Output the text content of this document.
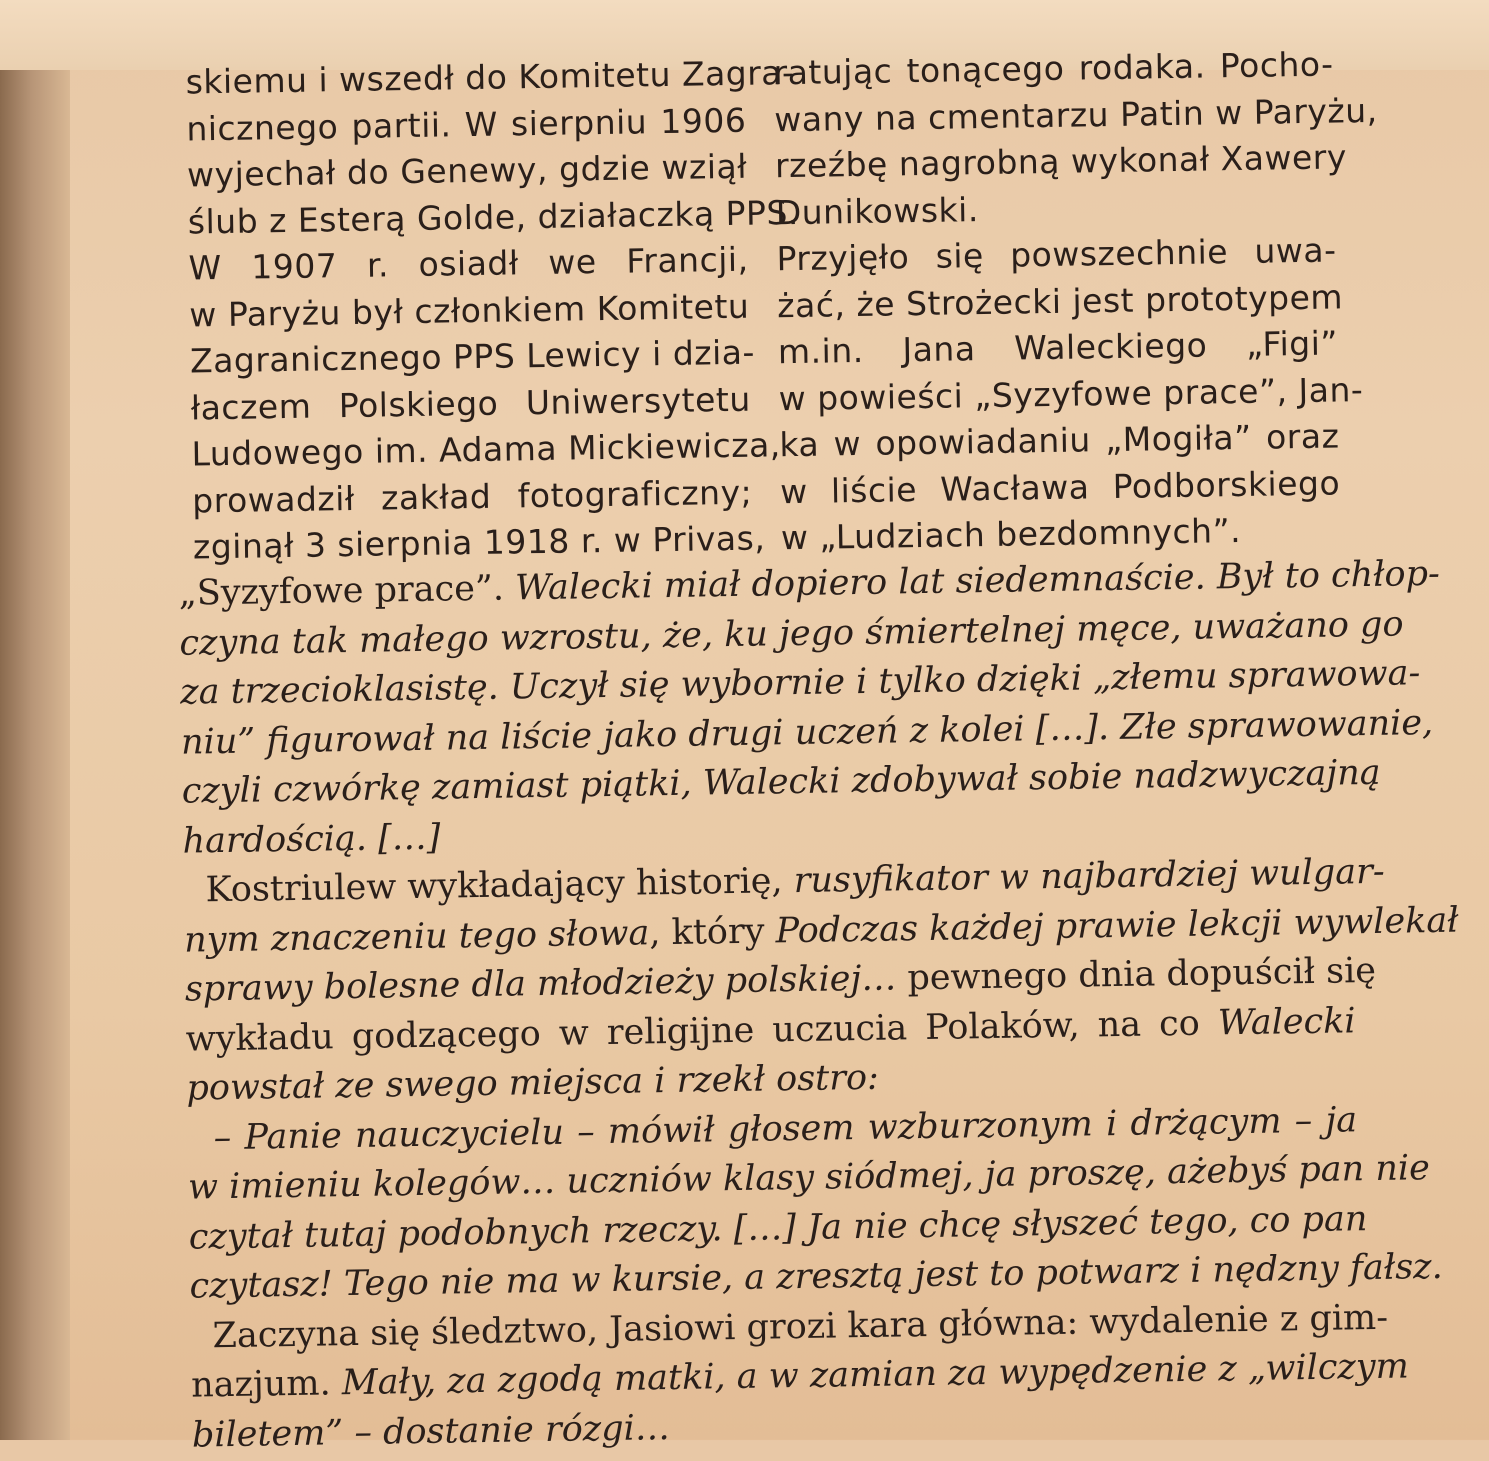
skiemu i wszedł do Komitetu Zagra-
nicznego partii. W sierpniu 1906
wyjechał do Genewy, gdzie wziął
ślub z Esterą Golde, działaczką PPS.
W 1907 r. osiadł we Francji,
w Paryżu był członkiem Komitetu
Zagranicznego PPS Lewicy i dzia-
łaczem Polskiego Uniwersytetu
Ludowego im. Adama Mickiewicza,
prowadził zakład fotograficzny;
zginął 3 sierpnia 1918 r. w Privas,
ratując tonącego rodaka. Pocho-
wany na cmentarzu Patin w Paryżu,
rzeźbę nagrobną wykonał Xawery
Dunikowski.
Przyjęło się powszechnie uwa-
żać, że Strożecki jest prototypem
m.in. Jana Waleckiego „Figi”
w powieści „Syzyfowe prace”, Jan-
ka w opowiadaniu „Mogiła” oraz
w liście Wacława Podborskiego
w „Ludziach bezdomnych”.
„Syzyfowe prace”. Walecki miał dopiero lat siedemnaście. Był to chłop-
czyna tak małego wzrostu, że, ku jego śmiertelnej męce, uważano go
za trzecioklasistę. Uczył się wybornie i tylko dzięki „złemu sprawowa-
niu” figurował na liście jako drugi uczeń z kolei […]. Złe sprawowanie,
czyli czwórkę zamiast piątki, Walecki zdobywał sobie nadzwyczajną
hardością. […]
Kostriulew wykładający historię, rusyfikator w najbardziej wulgar-
nym znaczeniu tego słowa, który Podczas każdej prawie lekcji wywlekał
sprawy bolesne dla młodzieży polskiej… pewnego dnia dopuścił się
wykładu godzącego w religijne uczucia Polaków, na co Walecki
powstał ze swego miejsca i rzekł ostro:
– Panie nauczycielu – mówił głosem wzburzonym i drżącym – ja
w imieniu kolegów… uczniów klasy siódmej, ja proszę, ażebyś pan nie
czytał tutaj podobnych rzeczy. […] Ja nie chcę słyszeć tego, co pan
czytasz! Tego nie ma w kursie, a zresztą jest to potwarz i nędzny fałsz.
Zaczyna się śledztwo, Jasiowi grozi kara główna: wydalenie z gim-
nazjum. Mały, za zgodą matki, a w zamian za wypędzenie z „wilczym
biletem” – dostanie rózgi…
